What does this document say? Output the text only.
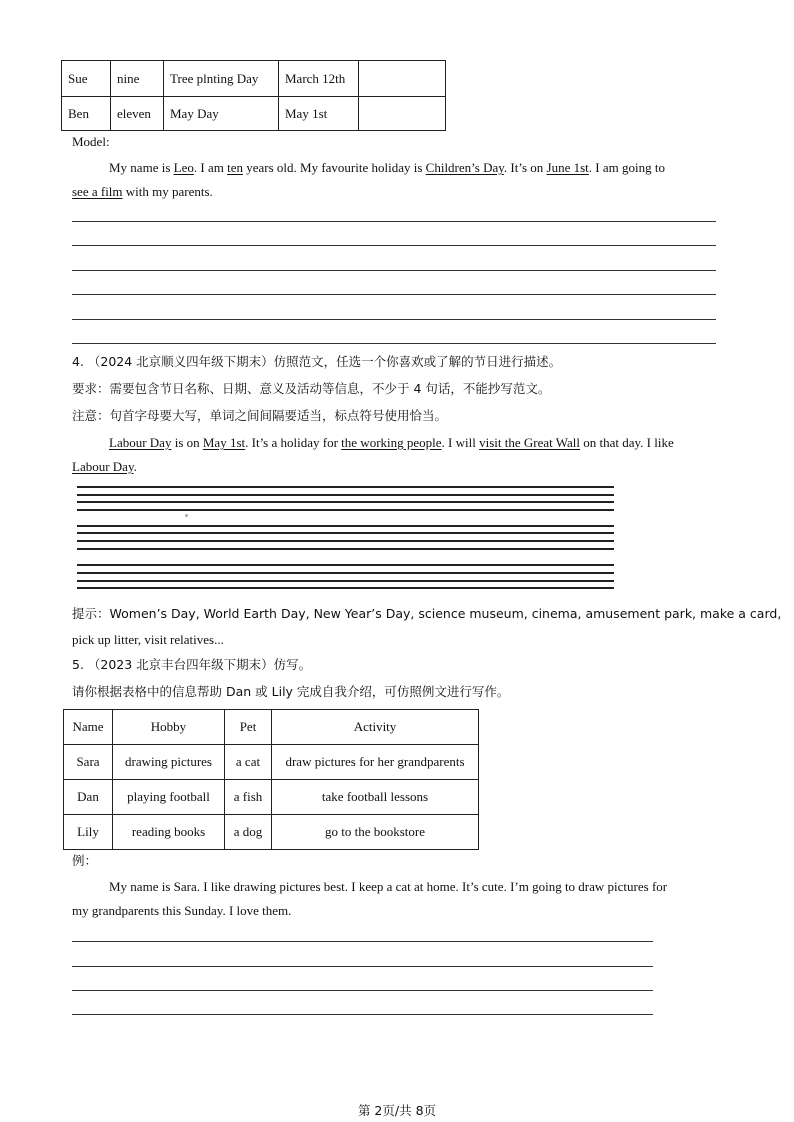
Sue	nine	Tree plnting Day	March 12th	
Ben	eleven	May Day	May 1st	
Model:
My name is Leo. I am ten years old. My favourite holiday is Children’s Day. It’s on June 1st. I am going to
see a film with my parents.
4. （2024 北京顺义四年级下期末）仿照范文，任选一个你喜欢或了解的节日进行描述。
要求：需要包含节日名称、日期、意义及活动等信息，不少于 4 句话，不能抄写范文。
注意：句首字母要大写，单词之间间隔要适当，标点符号使用恰当。
Labour Day is on May 1st. It’s a holiday for the working people. I will visit the Great Wall on that day. I like
Labour Day.
提示：Women’s Day, World Earth Day, New Year’s Day, science museum, cinema, amusement park, make a card,
pick up litter, visit relatives...
5. （2023 北京丰台四年级下期末）仿写。
请你根据表格中的信息帮助 Dan 或 Lily 完成自我介绍，可仿照例文进行写作。
Name	Hobby	Pet	Activity
Sara	drawing pictures	a cat	draw pictures for her grandparents
Dan	playing football	a fish	take football lessons
Lily	reading books	a dog	go to the bookstore
例：
My name is Sara. I like drawing pictures best. I keep a cat at home. It’s cute. I’m going to draw pictures for
my grandparents this Sunday. I love them.
第 2页/共 8页
